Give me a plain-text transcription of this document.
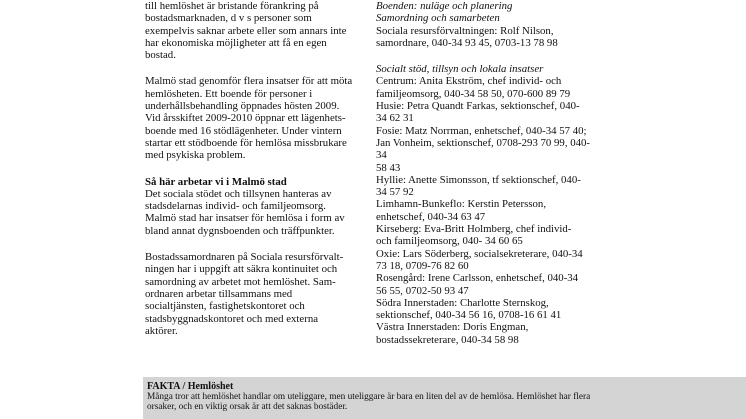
till hemlöshet är bristande förankring på

bostadsmarknaden, d v s personer som

exempelvis saknar arbete eller som annars inte

har ekonomiska möjligheter att få en egen

bostad.

Malmö stad genomför flera insatser för att möta

hemlösheten. Ett boende för personer i

underhållsbehandling öppnades hösten 2009.

Vid årsskiftet 2009-2010 öppnar ett lägenhets-

boende med 16 stödlägenheter. Under vintern

startar ett stödboende för hemlösa missbrukare

med psykiska problem.

Så här arbetar vi i Malmö stad

Det sociala stödet och tillsynen hanteras av

stadsdelarnas individ- och familjeomsorg.

Malmö stad har insatser för hemlösa i form av

bland annat dygnsboenden och träffpunkter.

Bostadssamordnaren på Sociala resursförvalt-

ningen har i uppgift att säkra kontinuitet och

samordning av arbetet mot hemlöshet. Sam-

ordnaren arbetar tillsammans med

socialtjänsten, fastighetskontoret och

stadsbyggnadskontoret och med externa

aktörer.

Boenden: nuläge och planering

Samordning och samarbeten

Sociala resursförvaltningen: Rolf Nilson,

samordnare, 040-34 93 45, 0703-13 78 98

Socialt stöd, tillsyn och lokala insatser

Centrum: Anita Ekström, chef individ- och

familjeomsorg, 040-34 58 50, 070-600 89 79

Husie: Petra Quandt Farkas, sektionschef, 040-

34 62 31

Fosie: Matz Norrman, enhetschef, 040-34 57 40;

Jan Vonheim, sektionschef, 0708-293 70 99, 040-34

58 43

Hyllie: Anette Simonsson, tf sektionschef, 040-

34 57 92

Limhamn-Bunkeflo: Kerstin Petersson,

enhetschef, 040-34 63 47

Kirseberg: Eva-Britt Holmberg, chef individ-

och familjeomsorg, 040- 34 60 65

Oxie: Lars Söderberg, socialsekreterare, 040-34

73 18, 0709-76 82 60

Rosengård: Irene Carlsson, enhetschef, 040-34

56 55, 0702-50 93 47

Södra Innerstaden: Charlotte Sternskog,

sektionschef, 040-34 56 16, 0708-16 61 41

Västra Innerstaden: Doris Engman,

bostadssekreterare, 040-34 58 98

FAKTA / Hemlöshet
Många tror att hemlöshet handlar om uteliggare, men uteliggare är bara en liten del av de hemlösa. Hemlöshet har flera
orsaker, och en viktig orsak är att det saknas bostäder.
